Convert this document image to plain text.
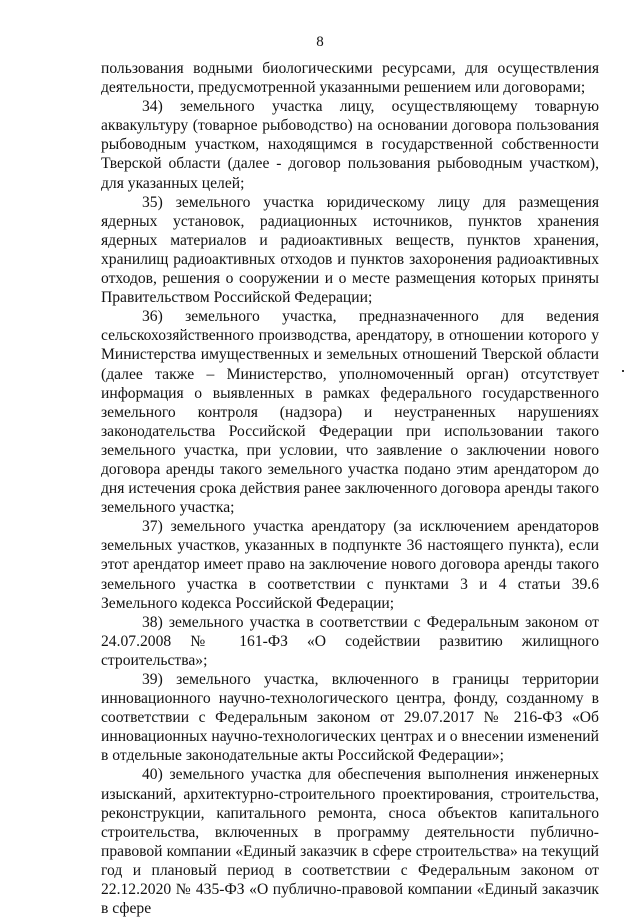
8

пользования водными биологическими ресурсами, для осуществления деятельности, предусмотренной указанными решением или договорами;

34) земельного участка лицу, осуществляющему товарную аквакультуру (товарное рыбоводство) на основании договора пользования рыбоводным участком, находящимся в государственной собственности Тверской области (далее - договор пользования рыбоводным участком), для указанных целей;

35) земельного участка юридическому лицу для размещения ядерных установок, радиационных источников, пунктов хранения ядерных материалов и радиоактивных веществ, пунктов хранения, хранилищ радиоактивных отходов и пунктов захоронения радиоактивных отходов, решения о сооружении и о месте размещения которых приняты Правительством Российской Федерации;

36) земельного участка, предназначенного для ведения сельскохозяйственного производства, арендатору, в отношении которого у Министерства имущественных и земельных отношений Тверской области (далее также – Министерство, уполномоченный орган) отсутствует информация о выявленных в рамках федерального государственного земельного контроля (надзора) и неустраненных нарушениях законодательства Российской Федерации при использовании такого земельного участка, при условии, что заявление о заключении нового договора аренды такого земельного участка подано этим арендатором до дня истечения срока действия ранее заключенного договора аренды такого земельного участка;

37) земельного участка арендатору (за исключением арендаторов земельных участков, указанных в подпункте 36 настоящего пункта), если этот арендатор имеет право на заключение нового договора аренды такого земельного участка в соответствии с пунктами 3 и 4 статьи 39.6 Земельного кодекса Российской Федерации;

38) земельного участка в соответствии с Федеральным законом от 24.07.2008 № 161-ФЗ «О содействии развитию жилищного строительства»;

39) земельного участка, включенного в границы территории инновационного научно-технологического центра, фонду, созданному в соответствии с Федеральным законом от 29.07.2017 № 216-ФЗ «Об инновационных научно-технологических центрах и о внесении изменений в отдельные законодательные акты Российской Федерации»;

40) земельного участка для обеспечения выполнения инженерных изысканий, архитектурно-строительного проектирования, строительства, реконструкции, капитального ремонта, сноса объектов капитального строительства, включенных в программу деятельности публично-правовой компании «Единый заказчик в сфере строительства» на текущий год и плановый период в соответствии с Федеральным законом от 22.12.2020 № 435-ФЗ «О публично-правовой компании «Единый заказчик в сфере
